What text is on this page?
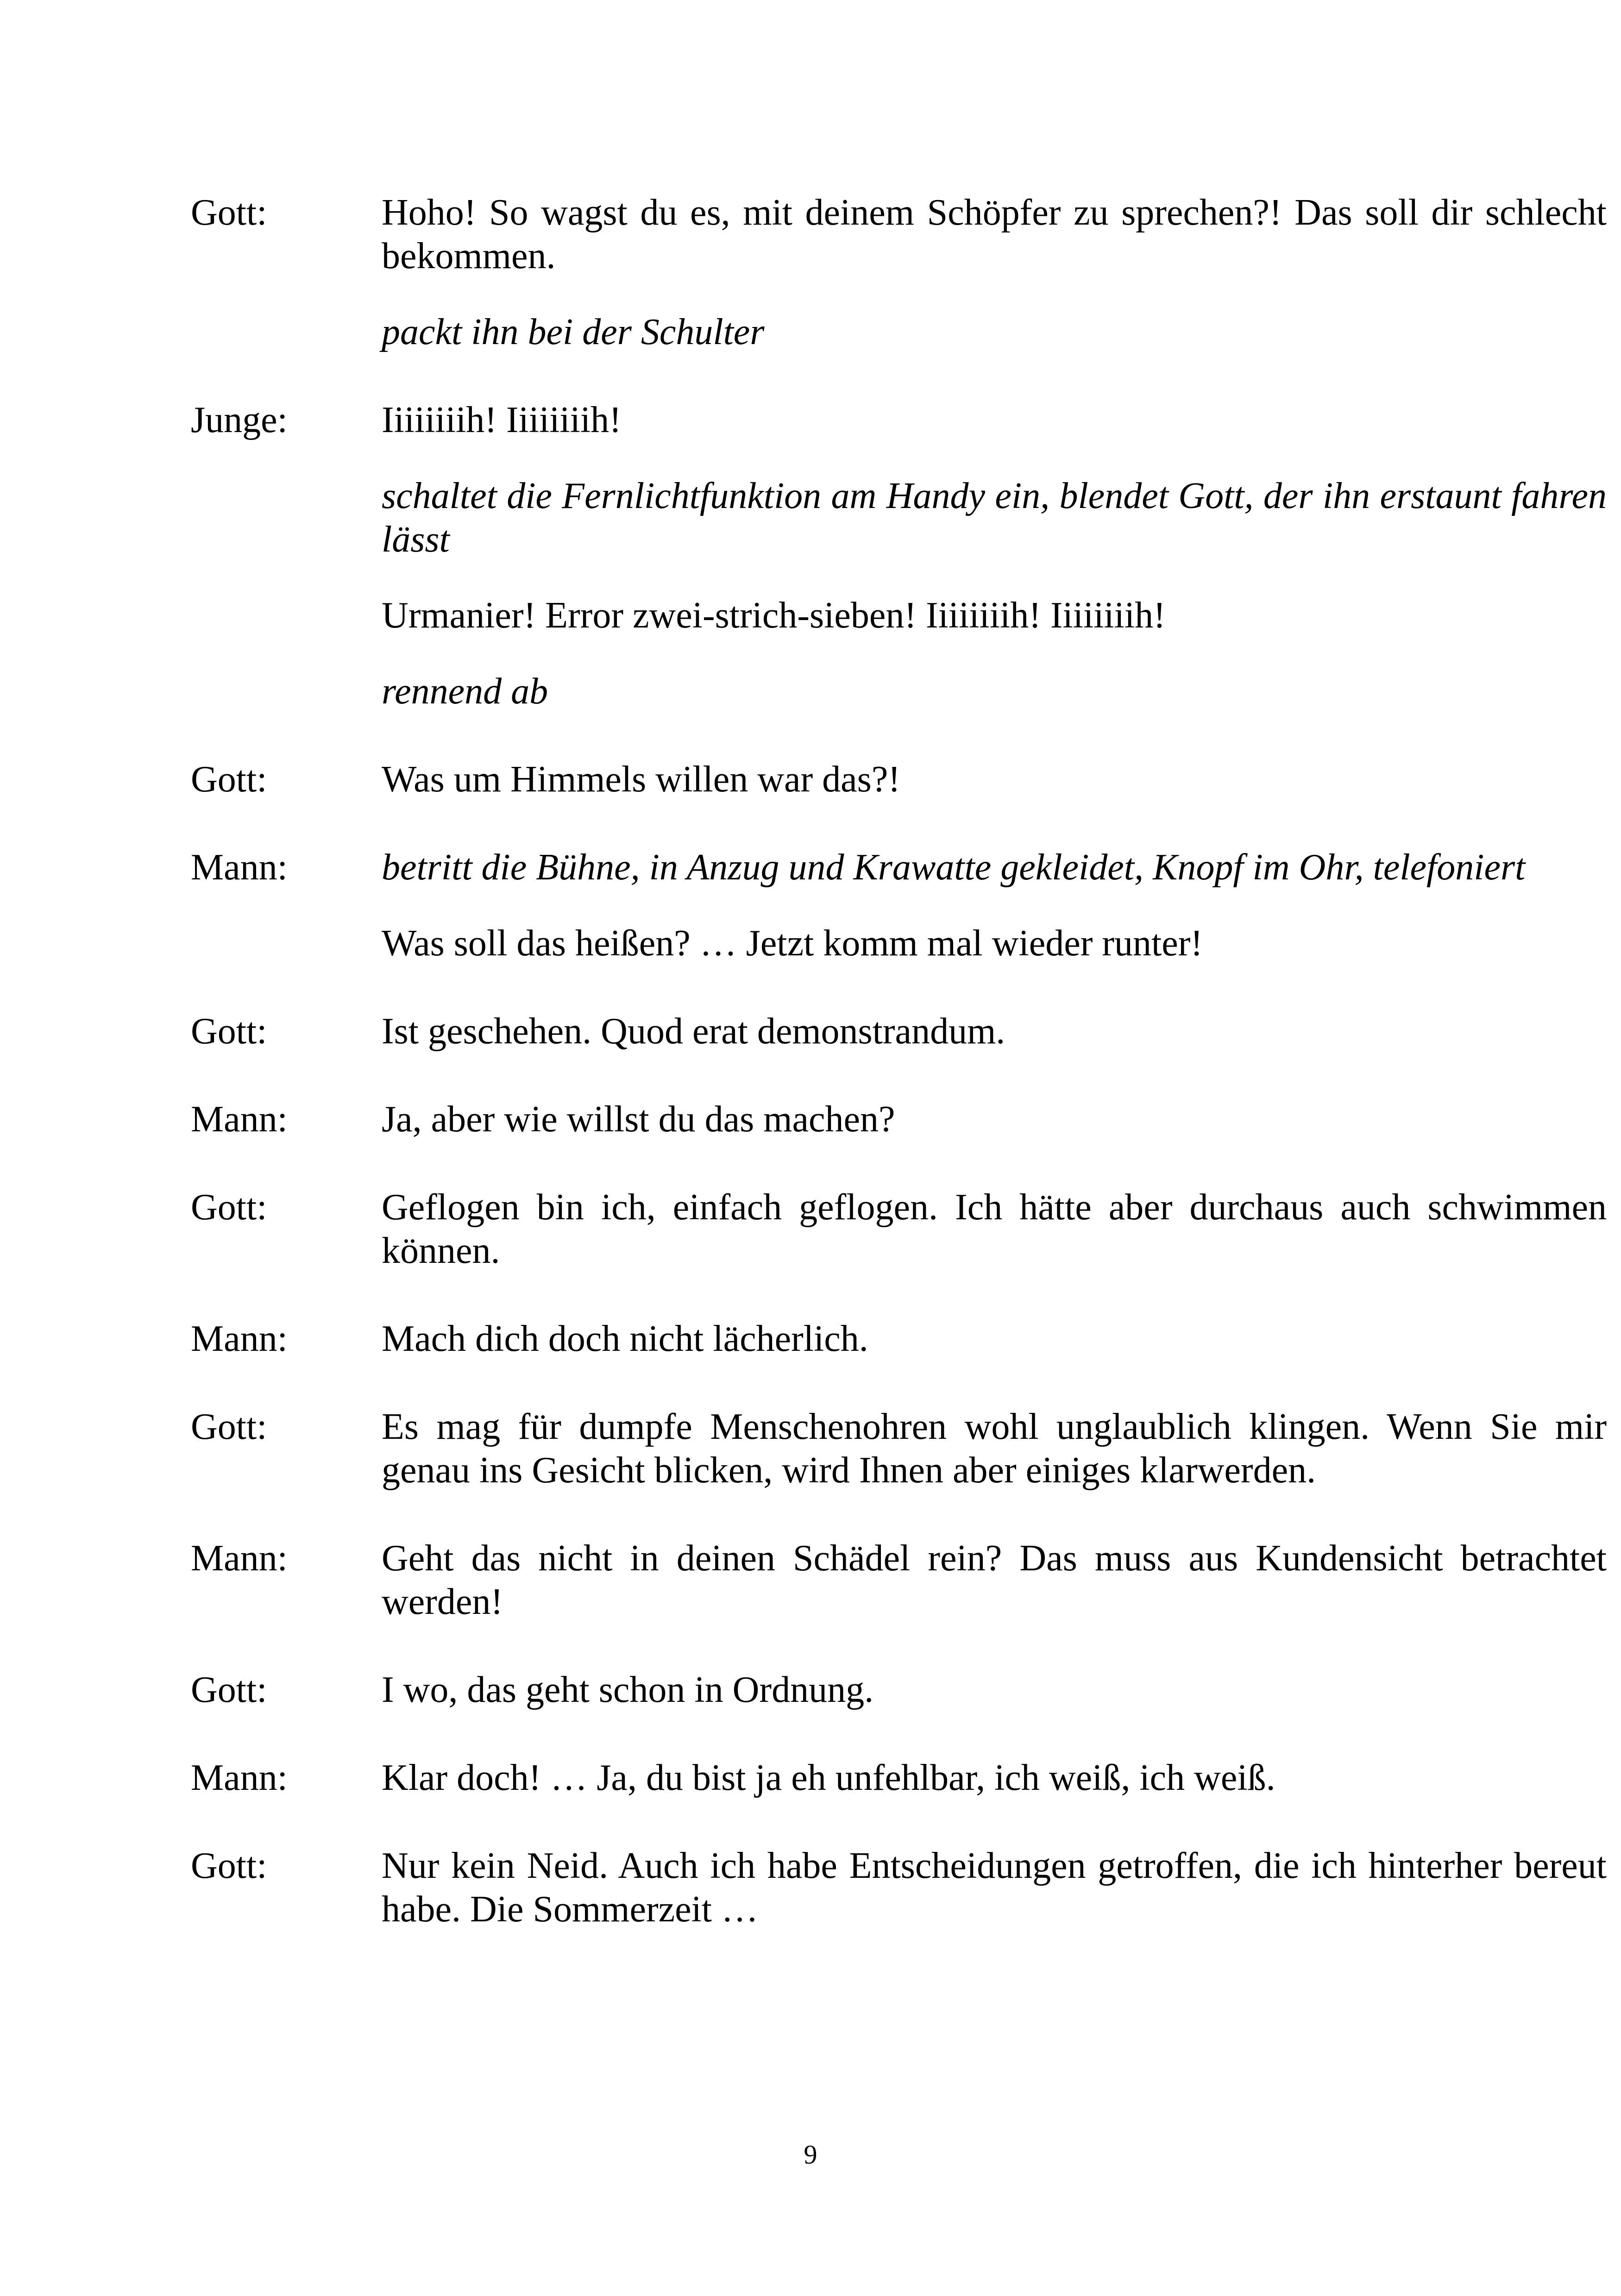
Gott:	Hoho! So wagst du es, mit deinem Schöpfer zu sprechen?! Das soll dir schlecht bekommen.
packt ihn bei der Schulter
Junge:	Iiiiiiiih! Iiiiiiiih!
schaltet die Fernlichtfunktion am Handy ein, blendet Gott, der ihn erstaunt fahren lässt
Urmanier! Error zwei-strich-sieben! Iiiiiiiih! Iiiiiiiih!
rennend ab
Gott:	Was um Himmels willen war das?!
Mann:	betritt die Bühne, in Anzug und Krawatte gekleidet, Knopf im Ohr, telefoniert
Was soll das heißen? … Jetzt komm mal wieder runter!
Gott:	Ist geschehen. Quod erat demonstrandum.
Mann:	Ja, aber wie willst du das machen?
Gott:	Geflogen bin ich, einfach geflogen. Ich hätte aber durchaus auch schwimmen können.
Mann:	Mach dich doch nicht lächerlich.
Gott:	Es mag für dumpfe Menschenohren wohl unglaublich klingen. Wenn Sie mir genau ins Gesicht blicken, wird Ihnen aber einiges klarwerden.
Mann:	Geht das nicht in deinen Schädel rein? Das muss aus Kundensicht betrachtet werden!
Gott:	I wo, das geht schon in Ordnung.
Mann:	Klar doch! … Ja, du bist ja eh unfehlbar, ich weiß, ich weiß.
Gott:	Nur kein Neid. Auch ich habe Entscheidungen getroffen, die ich hinterher bereut habe. Die Sommerzeit …
9
